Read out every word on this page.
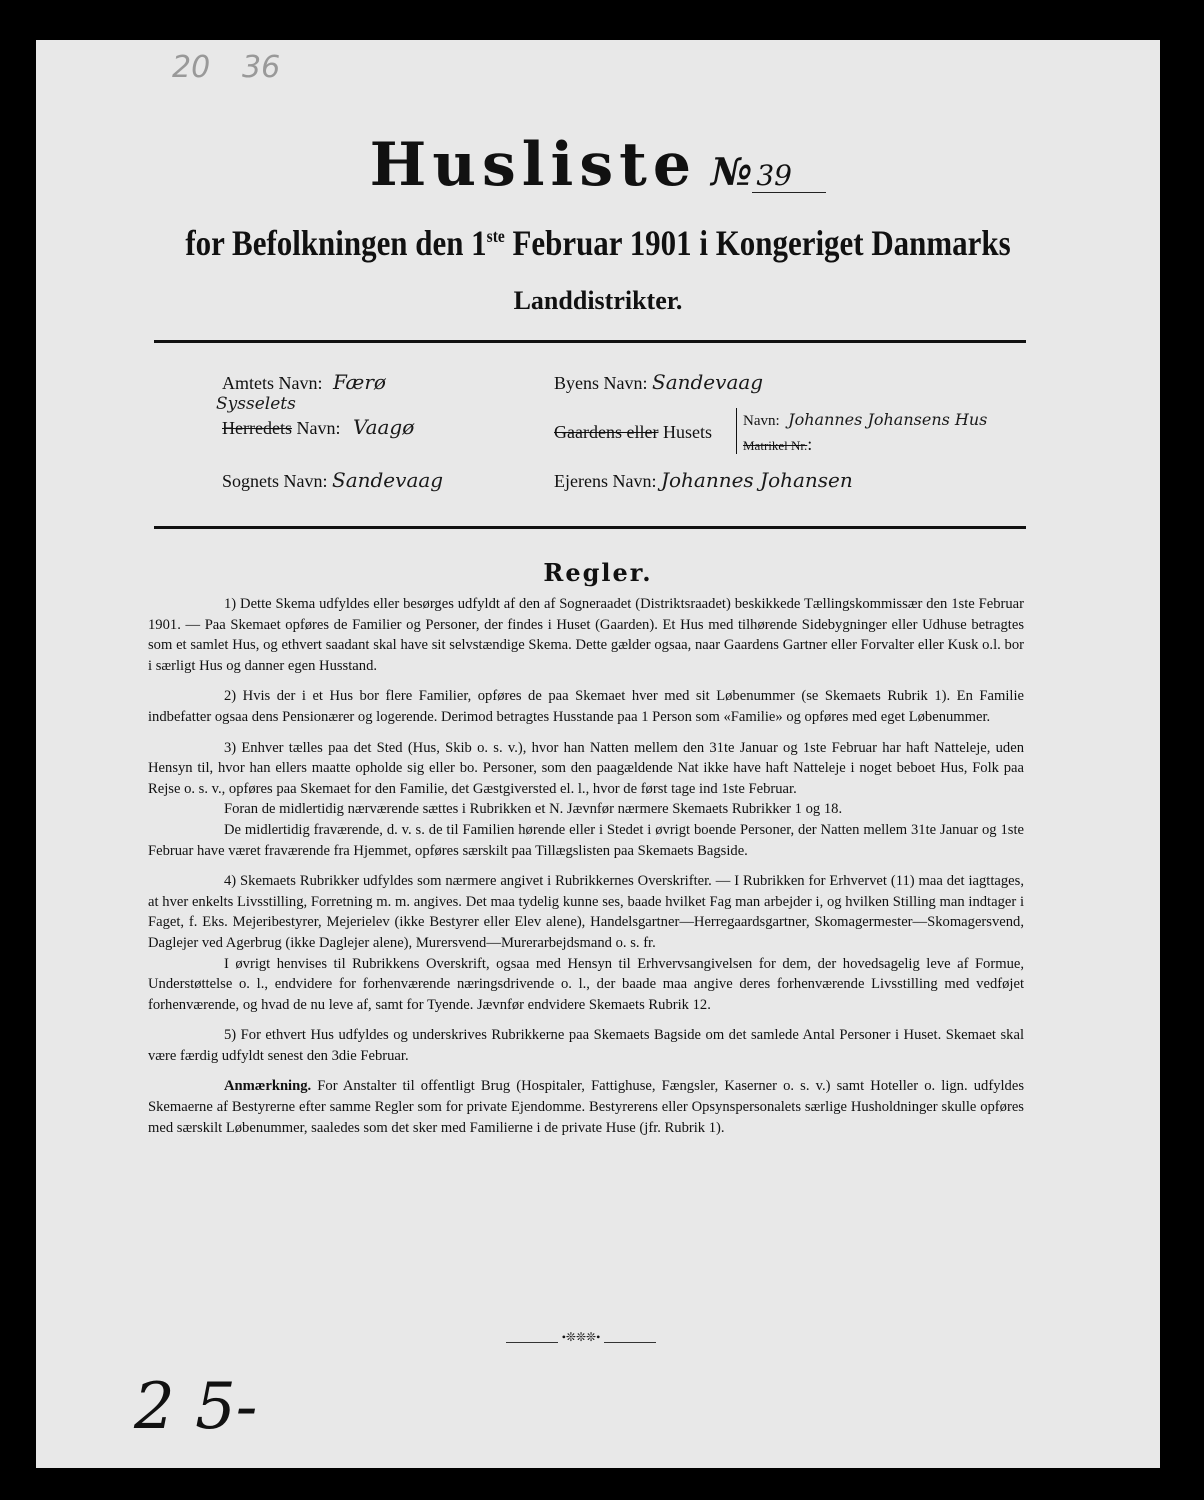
20 36
Husliste № 39
for Befolkningen den 1ste Februar 1901 i Kongeriget Danmarks
Landdistrikter.
Amtets Navn: Færø
Sysselets
Herredets Navn: Vaagø
Sognets Navn: Sandevaag
Byens Navn: Sandevaag
Gaardens eller Husets
Navn: Johannes Johansens Hus
Matrikel Nr.:
Ejerens Navn: Johannes Johansen
Regler.

1) Dette Skema udfyldes eller besørges udfyldt af den af Sogneraadet (Distriktsraadet) beskikkede Tællingskommissær den 1ste Februar 1901. — Paa Skemaet opføres de Familier og Personer, der findes i Huset (Gaarden). Et Hus med tilhørende Sidebygninger eller Udhuse betragtes som et samlet Hus, og ethvert saadant skal have sit selvstændige Skema. Dette gælder ogsaa, naar Gaardens Gartner eller Forvalter eller Kusk o.l. bor i særligt Hus og danner egen Husstand.

2) Hvis der i et Hus bor flere Familier, opføres de paa Skemaet hver med sit Løbenummer (se Skemaets Rubrik 1). En Familie indbefatter ogsaa dens Pensionærer og logerende. Derimod betragtes Husstande paa 1 Person som «Familie» og opføres med eget Løbenummer.

3) Enhver tælles paa det Sted (Hus, Skib o. s. v.), hvor han Natten mellem den 31te Januar og 1ste Februar har haft Natteleje, uden Hensyn til, hvor han ellers maatte opholde sig eller bo. Personer, som den paagældende Nat ikke have haft Natteleje i noget beboet Hus, Folk paa Rejse o. s. v., opføres paa Skemaet for den Familie, det Gæstgiversted el. l., hvor de først tage ind 1ste Februar.

Foran de midlertidig nærværende sættes i Rubrikken et N. Jævnfør nærmere Skemaets Rubrikker 1 og 18.

De midlertidig fraværende, d. v. s. de til Familien hørende eller i Stedet i øvrigt boende Personer, der Natten mellem 31te Januar og 1ste Februar have været fraværende fra Hjemmet, opføres særskilt paa Tillægslisten paa Skemaets Bagside.

4) Skemaets Rubrikker udfyldes som nærmere angivet i Rubrikkernes Overskrifter. — I Rubrikken for Erhvervet (11) maa det iagttages, at hver enkelts Livsstilling, Forretning m. m. angives. Det maa tydelig kunne ses, baade hvilket Fag man arbejder i, og hvilken Stilling man indtager i Faget, f. Eks. Mejeribestyrer, Mejerielev (ikke Bestyrer eller Elev alene), Handelsgartner—Herregaardsgartner, Skomagermester—Skomagersvend, Daglejer ved Agerbrug (ikke Daglejer alene), Murersvend—Murerarbejdsmand o. s. fr.

I øvrigt henvises til Rubrikkens Overskrift, ogsaa med Hensyn til Erhvervsangivelsen for dem, der hovedsagelig leve af Formue, Understøttelse o. l., endvidere for forhenværende næringsdrivende o. l., der baade maa angive deres forhenværende Livsstilling med vedføjet forhenværende, og hvad de nu leve af, samt for Tyende. Jævnfør endvidere Skemaets Rubrik 12.

5) For ethvert Hus udfyldes og underskrives Rubrikkerne paa Skemaets Bagside om det samlede Antal Personer i Huset. Skemaet skal være færdig udfyldt senest den 3die Februar.

Anmærkning. For Anstalter til offentligt Brug (Hospitaler, Fattighuse, Fængsler, Kaserner o. s. v.) samt Hoteller o. lign. udfyldes Skemaerne af Bestyrerne efter samme Regler som for private Ejendomme. Bestyrerens eller Opsynspersonalets særlige Husholdninger skulle opføres med særskilt Løbenummer, saaledes som det sker med Familierne i de private Huse (jfr. Rubrik 1).

•❊❊❊•
2 5-
